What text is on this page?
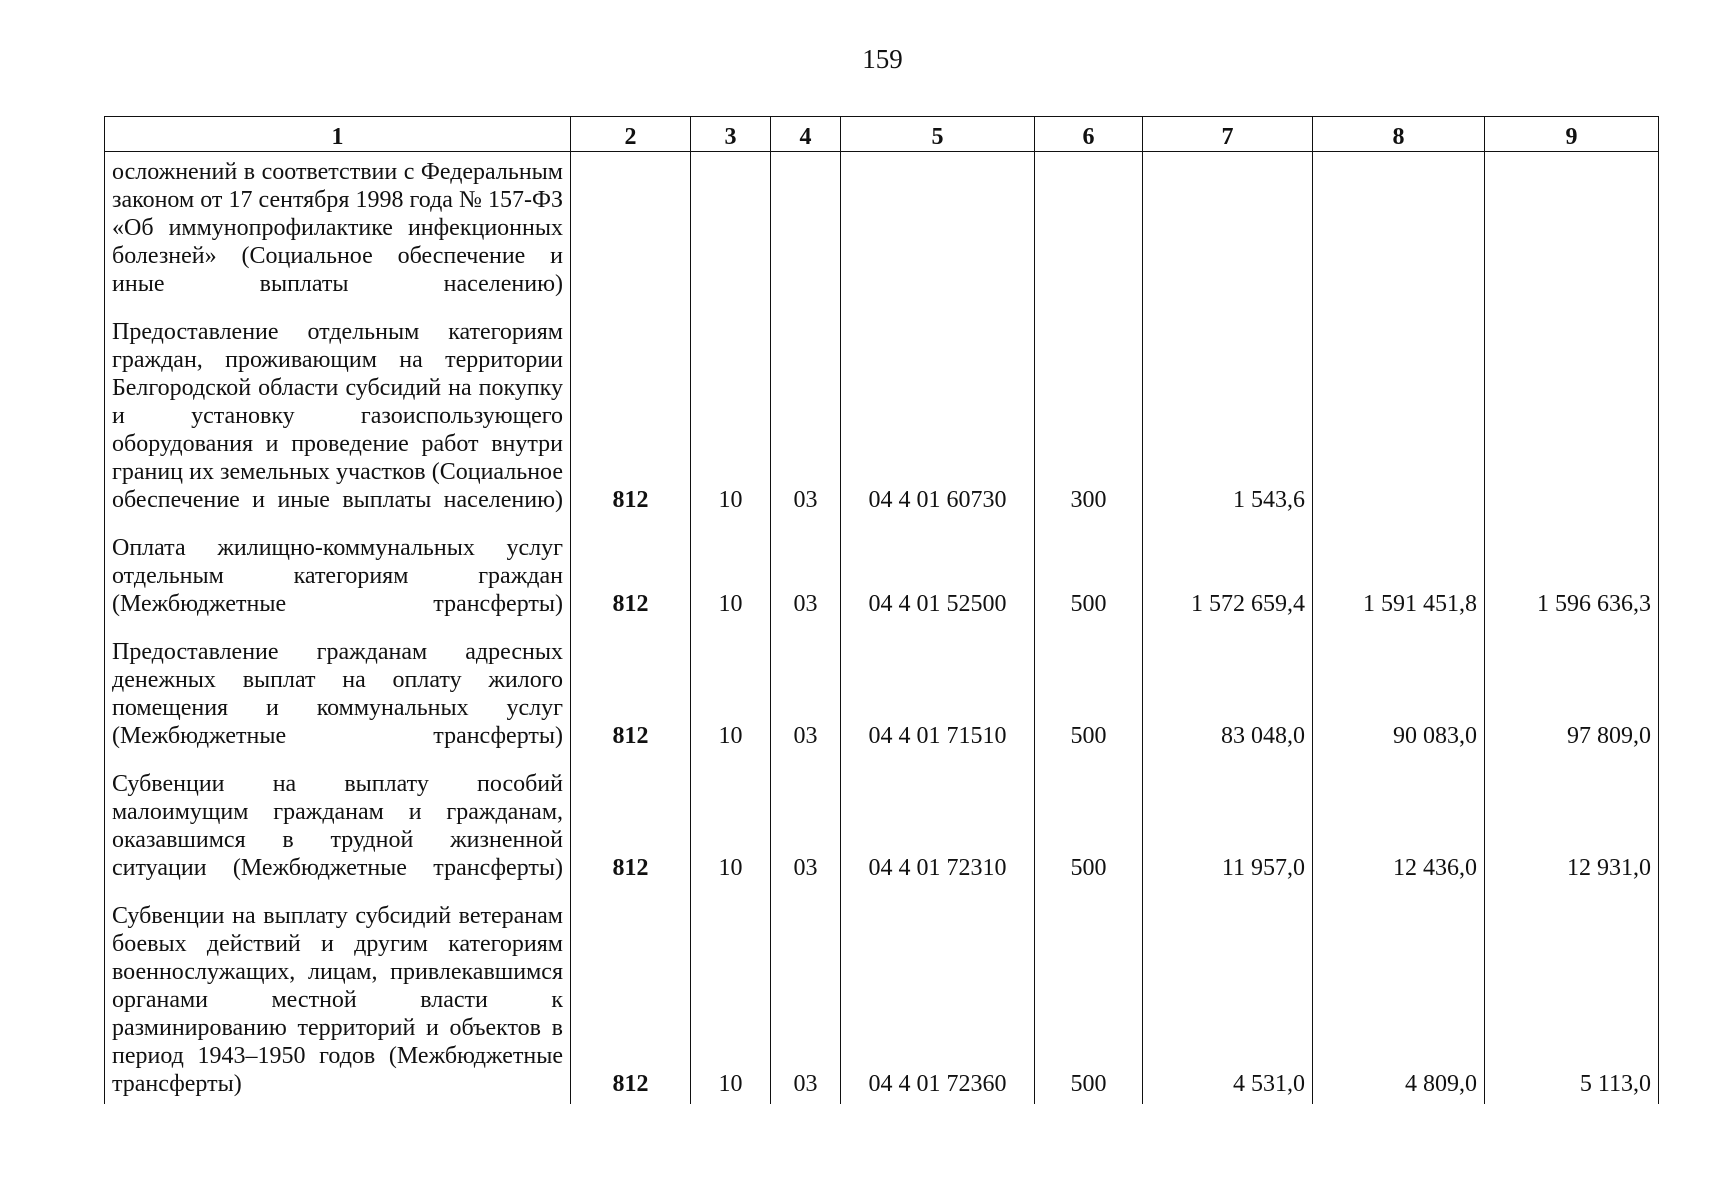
159
1	2	3	4	5	6	7	8	9
осложнений в соответствии с Федеральным законом от 17 сентября 1998 года № 157-ФЗ «Об иммунопрофилактике инфекционных болезней» (Социальное обеспечение и иные выплаты населению)								
Предоставление отдельным категориям граждан, проживающим на территории Белгородской области субсидий на покупку и установку газоиспользующего оборудования и проведение работ внутри границ их земельных участков (Социальное обеспечение и иные выплаты населению)	812	10	03	04 4 01 60730	300	1 543,6		
Оплата жилищно-коммунальных услуг отдельным категориям граждан (Межбюджетные трансферты)	812	10	03	04 4 01 52500	500	1 572 659,4	1 591 451,8	1 596 636,3
Предоставление гражданам адресных денежных выплат на оплату жилого помещения и коммунальных услуг (Межбюджетные трансферты)	812	10	03	04 4 01 71510	500	83 048,0	90 083,0	97 809,0
Субвенции на выплату пособий малоимущим гражданам и гражданам, оказавшимся в трудной жизненной ситуации (Межбюджетные трансферты)	812	10	03	04 4 01 72310	500	11 957,0	12 436,0	12 931,0
Субвенции на выплату субсидий ветеранам боевых действий и другим категориям военнослужащих, лицам, привлекавшимся органами местной власти к разминированию территорий и объектов в период 1943–1950 годов (Межбюджетные трансферты)	812	10	03	04 4 01 72360	500	4 531,0	4 809,0	5 113,0
